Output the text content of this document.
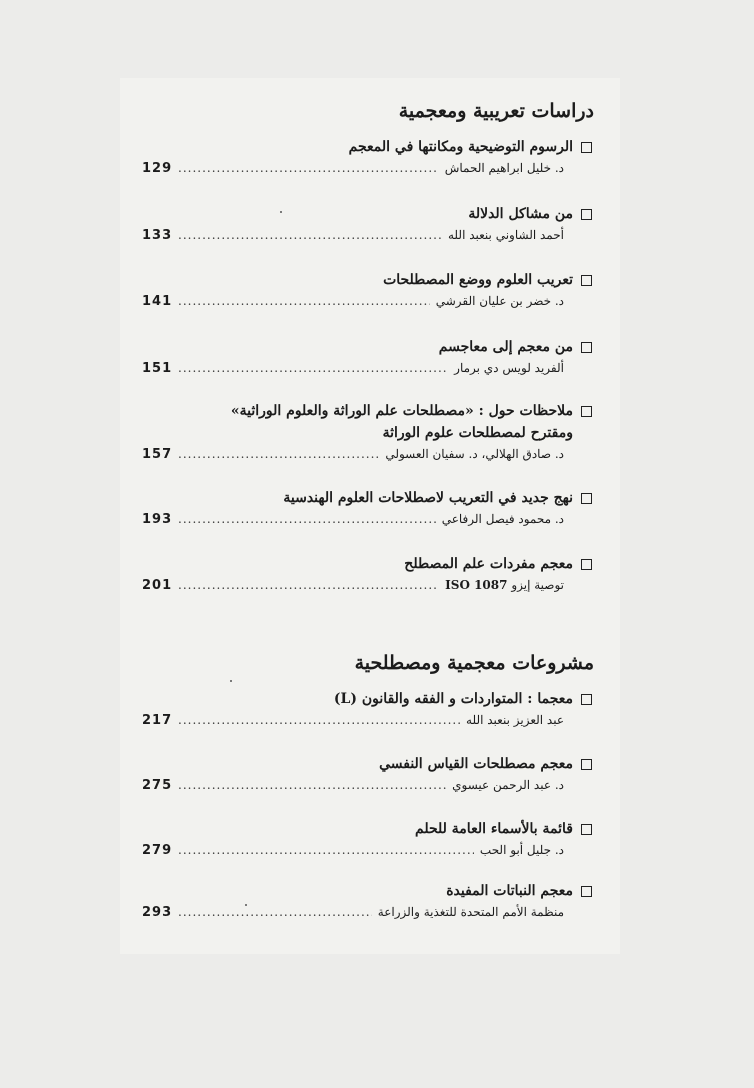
دراسات تعريبية ومعجمية
الرسوم التوضيحية ومكانتها في المعجم
د. خليل ابراهيم الحماش
.....
129
من مشاكل الدلالة
أحمد الشاوني بنعبد الله
.....
133
تعريب العلوم ووضع المصطلحات
د. خضر بن عليان القرشي
.....
141
من معجم إلى معاجسم
ألفريد لويس دي برمار
.....
151
ملاحظات حول : «مصطلحات علم الوراثة والعلوم الوراثية»
ومقترح لمصطلحات علوم الوراثة
د. صادق الهلالي، د. سفيان العسولي
.....
157
نهج جديد في التعريب لاصطلاحات العلوم الهندسية
د. محمود فيصل الرفاعي
.....
193
معجم مفردات علم المصطلح
توصية إيزو ISO 1087
.....
201
مشروعات معجمية ومصطلحية
معجما : المتواردات و الفقه والقانون (L)
عبد العزيز بنعبد الله
.....
217
معجم مصطلحات القياس النفسي
د. عبد الرحمن عيسوي
.....
275
قائمة بالأسماء العامة للحلم
د. جليل أبو الحب
.....
279
معجم النباتات المفيدة
منظمة الأمم المتحدة للتغذية والزراعة
.....
293
